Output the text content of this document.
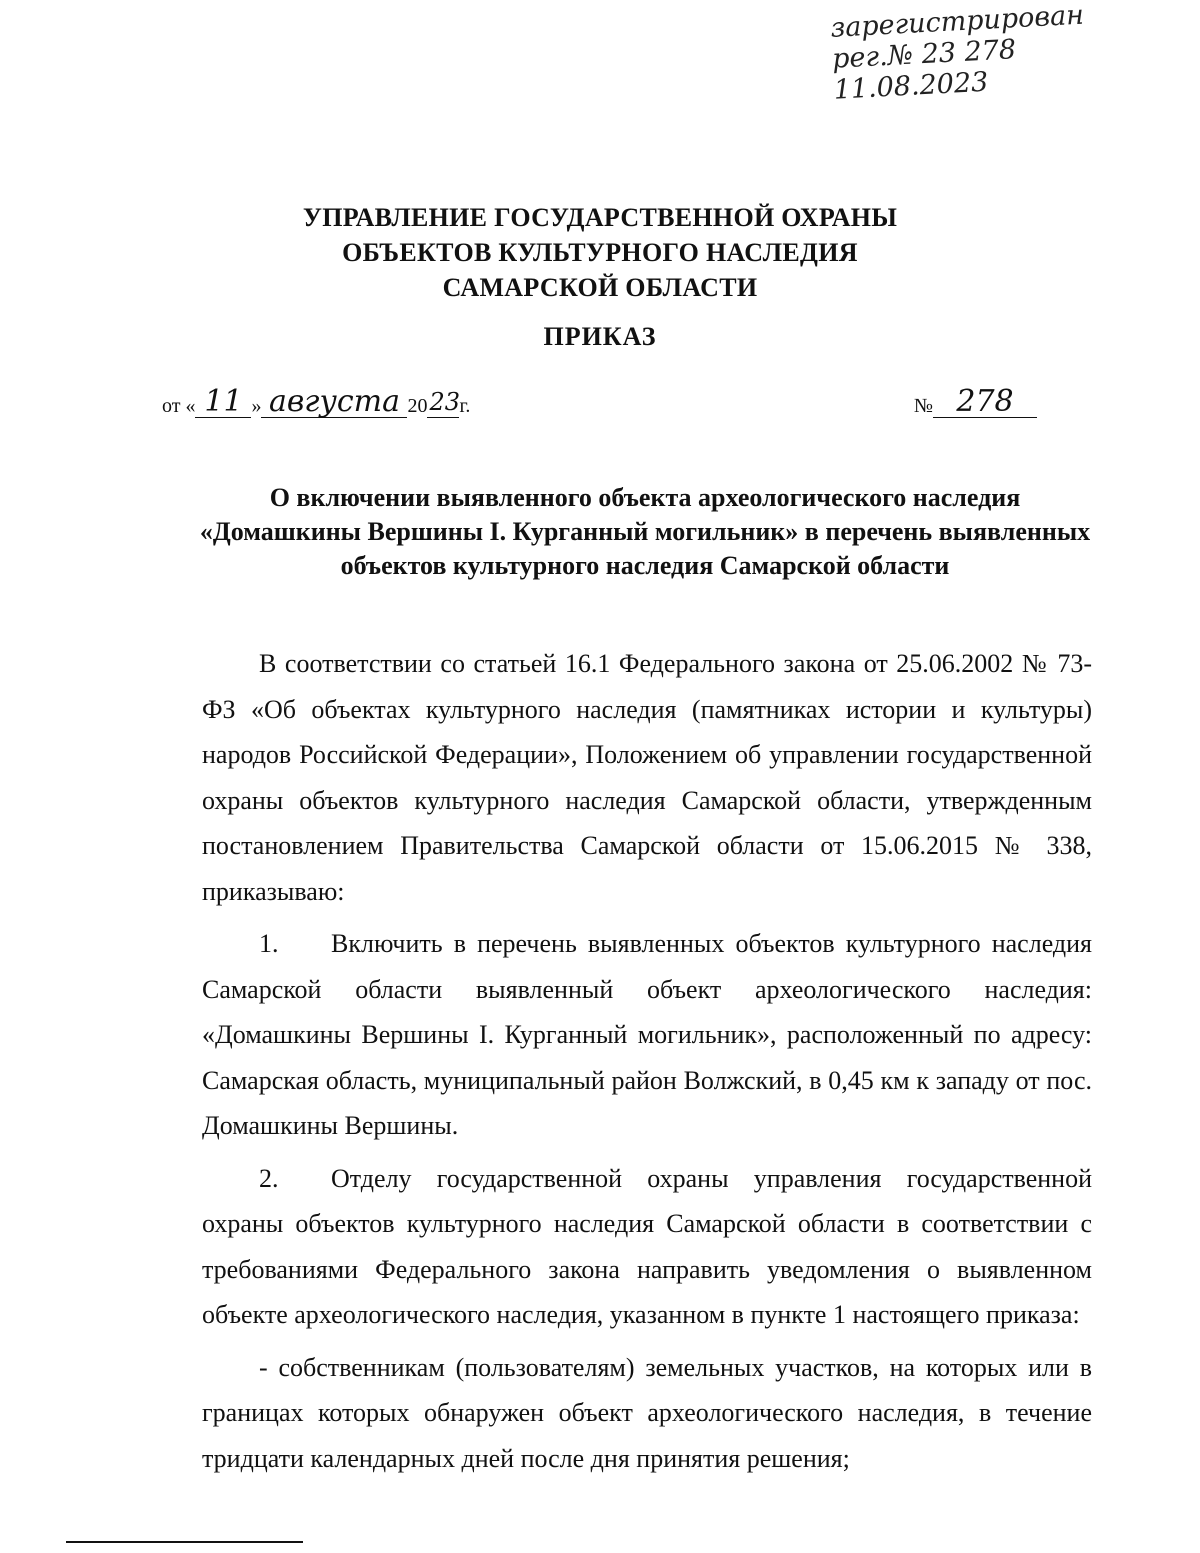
зарегистрирован
рег.№ 23 278
11.08.2023
УПРАВЛЕНИЕ ГОСУДАРСТВЕННОЙ ОХРАНЫ
ОБЪЕКТОВ КУЛЬТУРНОГО НАСЛЕДИЯ
САМАРСКОЙ ОБЛАСТИ
ПРИКАЗ
от « 11 » августа 20 23 г.	№ 278
О включении выявленного объекта археологического наследия
«Домашкины Вершины I. Курганный могильник» в перечень выявленных
объектов культурного наследия Самарской области

В соответствии со статьей 16.1 Федерального закона от 25.06.2002 № 73-ФЗ «Об объектах культурного наследия (памятниках истории и культуры) народов Российской Федерации», Положением об управлении государственной охраны объектов культурного наследия Самарской области, утвержденным постановлением Правительства Самарской области от 15.06.2015 № 338, приказываю:

1. Включить в перечень выявленных объектов культурного наследия Самарской области выявленный объект археологического наследия: «Домашкины Вершины I. Курганный могильник», расположенный по адресу: Самарская область, муниципальный район Волжский, в 0,45 км к западу от пос. Домашкины Вершины.

2. Отделу государственной охраны управления государственной охраны объектов культурного наследия Самарской области в соответствии с требованиями Федерального закона направить уведомления о выявленном объекте археологического наследия, указанном в пункте 1 настоящего приказа:

- собственникам (пользователям) земельных участков, на которых или в границах которых обнаружен объект археологического наследия, в течение тридцати календарных дней после дня принятия решения;
